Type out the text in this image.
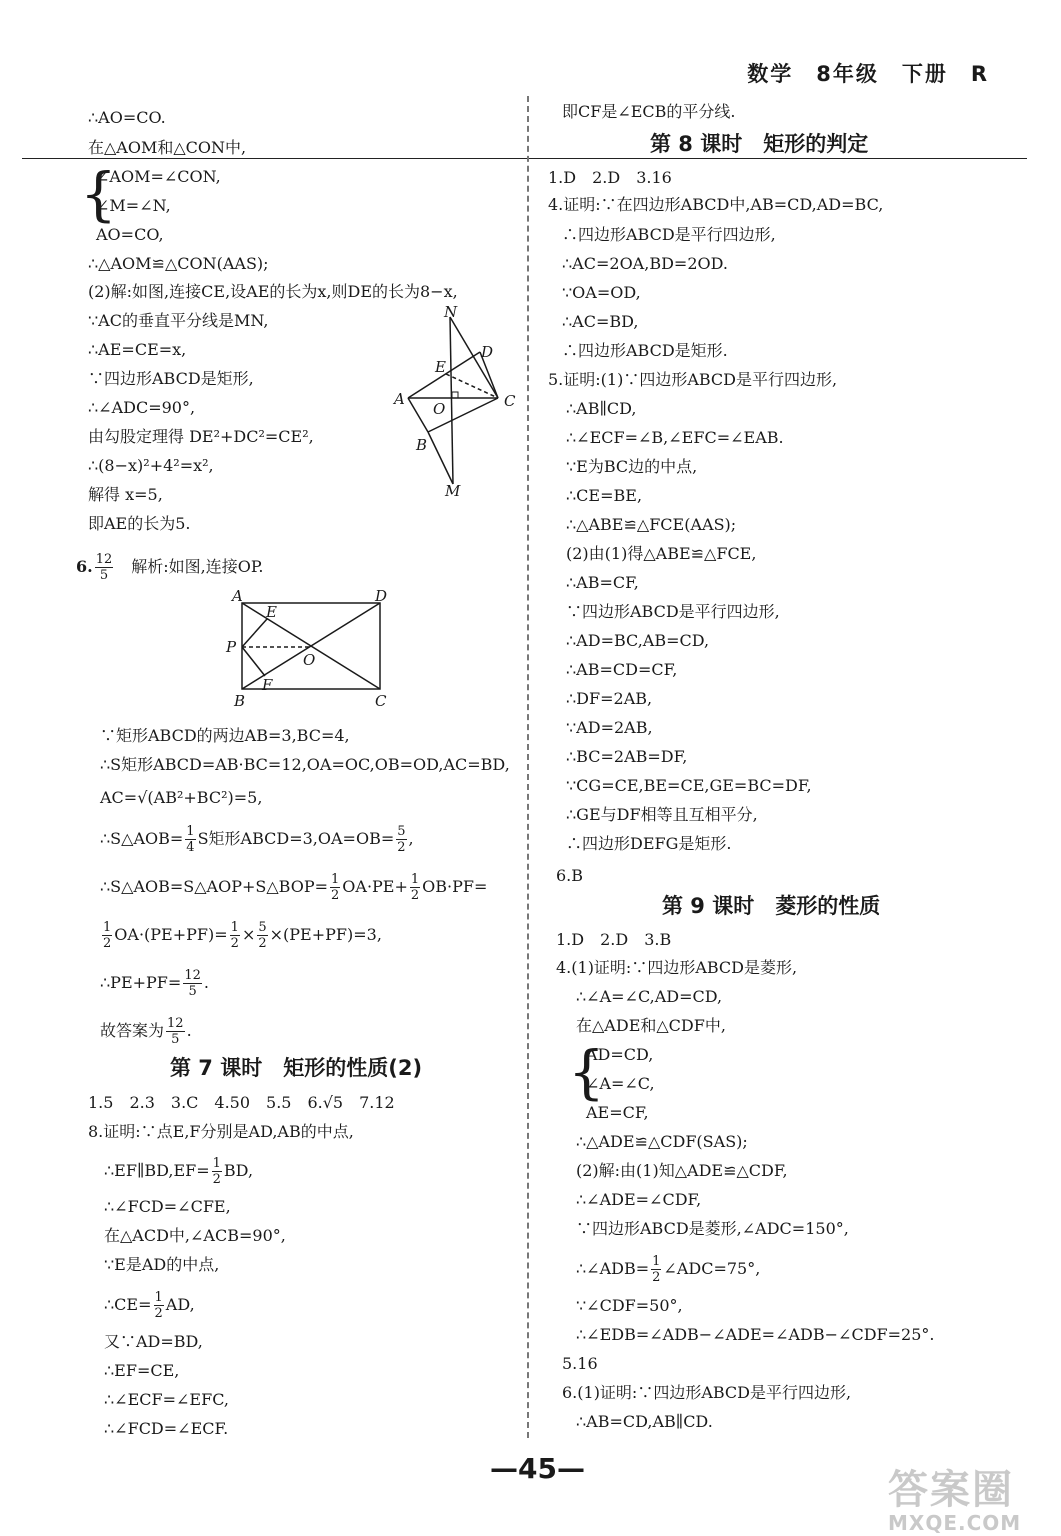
数学　8年级　下册　R
∴AO=CO.
在△AOM和△CON中,
{
∠AOM=∠CON,
∠M=∠N,
AO=CO,
∴△AOM≌△CON(AAS);
(2)解:如图,连接CE,设AE的长为x,则DE的长为8−x,
∵AC的垂直平分线是MN,
∴AE=CE=x,
∵四边形ABCD是矩形,
∴∠ADC=90°,
由勾股定理得 DE²+DC²=CE²,
∴(8−x)²+4²=x²,
解得 x=5,
即AE的长为5.
N
D
E
A
O	C
B
M
6. $\frac{12}{5}$
　 解析:如图,连接OP.
A
E
D
P
O
B
F
C
∵矩形ABCD的两边AB=3,BC=4,
∴S矩形ABCD=AB·BC=12,OA=OC,OB=OD,AC=BD,
AC=√(AB²+BC²)=5,
∴S△AOB= $\frac{1}{4}$ S矩形ABCD=3,OA=OB= $\frac{5}{2}$ ,
∴S△AOB=S△AOP+S△BOP= $\frac{1}{2} OA\cdot PE+ \frac{1}{2} OB\cdot PF=$
$\frac{1}{2} OA\cdot(PE+PF)= \frac{1}{2} \times \frac{5}{2} \times(PE+PF)=3$,
∴PE+PF= $\frac{12}{5}$ .
故答案为 $\frac{12}{5}$ .
第 7 课时　矩形的性质(2)
1.5　2.3　3.C　4.50　5.5　6.√5　7.12
8.证明:∵点E,F分别是AD,AB的中点,
∴EF∥BD,EF= $\frac{1}{2}$ BD,
∴∠FCD=∠CFE,
在△ACD中,∠ACB=90°,
∵E是AD的中点,
∴CE= $\frac{1}{2}$ AD,
又∵AD=BD,
∴EF=CE,
∴∠ECF=∠EFC,
∴∠FCD=∠ECF.
即CF是∠ECB的平分线.
第 8 课时　矩形的判定
1.D　2.D　3.16
4.证明:∵在四边形ABCD中,AB=CD,AD=BC,
∴四边形ABCD是平行四边形,
∴AC=2OA,BD=2OD.
∵OA=OD,
∴AC=BD,
∴四边形ABCD是矩形.
5.证明:(1)∵四边形ABCD是平行四边形,
∴AB∥CD,
∴∠ECF=∠B,∠EFC=∠EAB.
∵E为BC边的中点,
∴CE=BE,
∴△ABE≌△FCE(AAS);
(2)由(1)得△ABE≌△FCE,
∴AB=CF,
∵四边形ABCD是平行四边形,
∴AD=BC,AB=CD,
∴AB=CD=CF,
∴DF=2AB,
∵AD=2AB,
∴BC=2AB=DF,
∵CG=CE,BE=CE,GE=BC=DF,
∴GE与DF相等且互相平分,
∴四边形DEFG是矩形.
6.B
第 9 课时　菱形的性质
1.D　2.D　3.B
4.(1)证明:∵四边形ABCD是菱形,
∴∠A=∠C,AD=CD,
在△ADE和△CDF中,
{
AD=CD,
∠A=∠C,
AE=CF,
∴△ADE≌△CDF(SAS);
(2)解:由(1)知△ADE≌△CDF,
∴∠ADE=∠CDF,
∵四边形ABCD是菱形,∠ADC=150°,
∴∠ADB= $\frac{1}{2}$ ∠ADC=75°,
∵∠CDF=50°,
∴∠EDB=∠ADB−∠ADE=∠ADB−∠CDF=25°.
5.16
6.(1)证明:∵四边形ABCD是平行四边形,
∴AB=CD,AB∥CD.
—45—	答案圈
MXQE.COM
